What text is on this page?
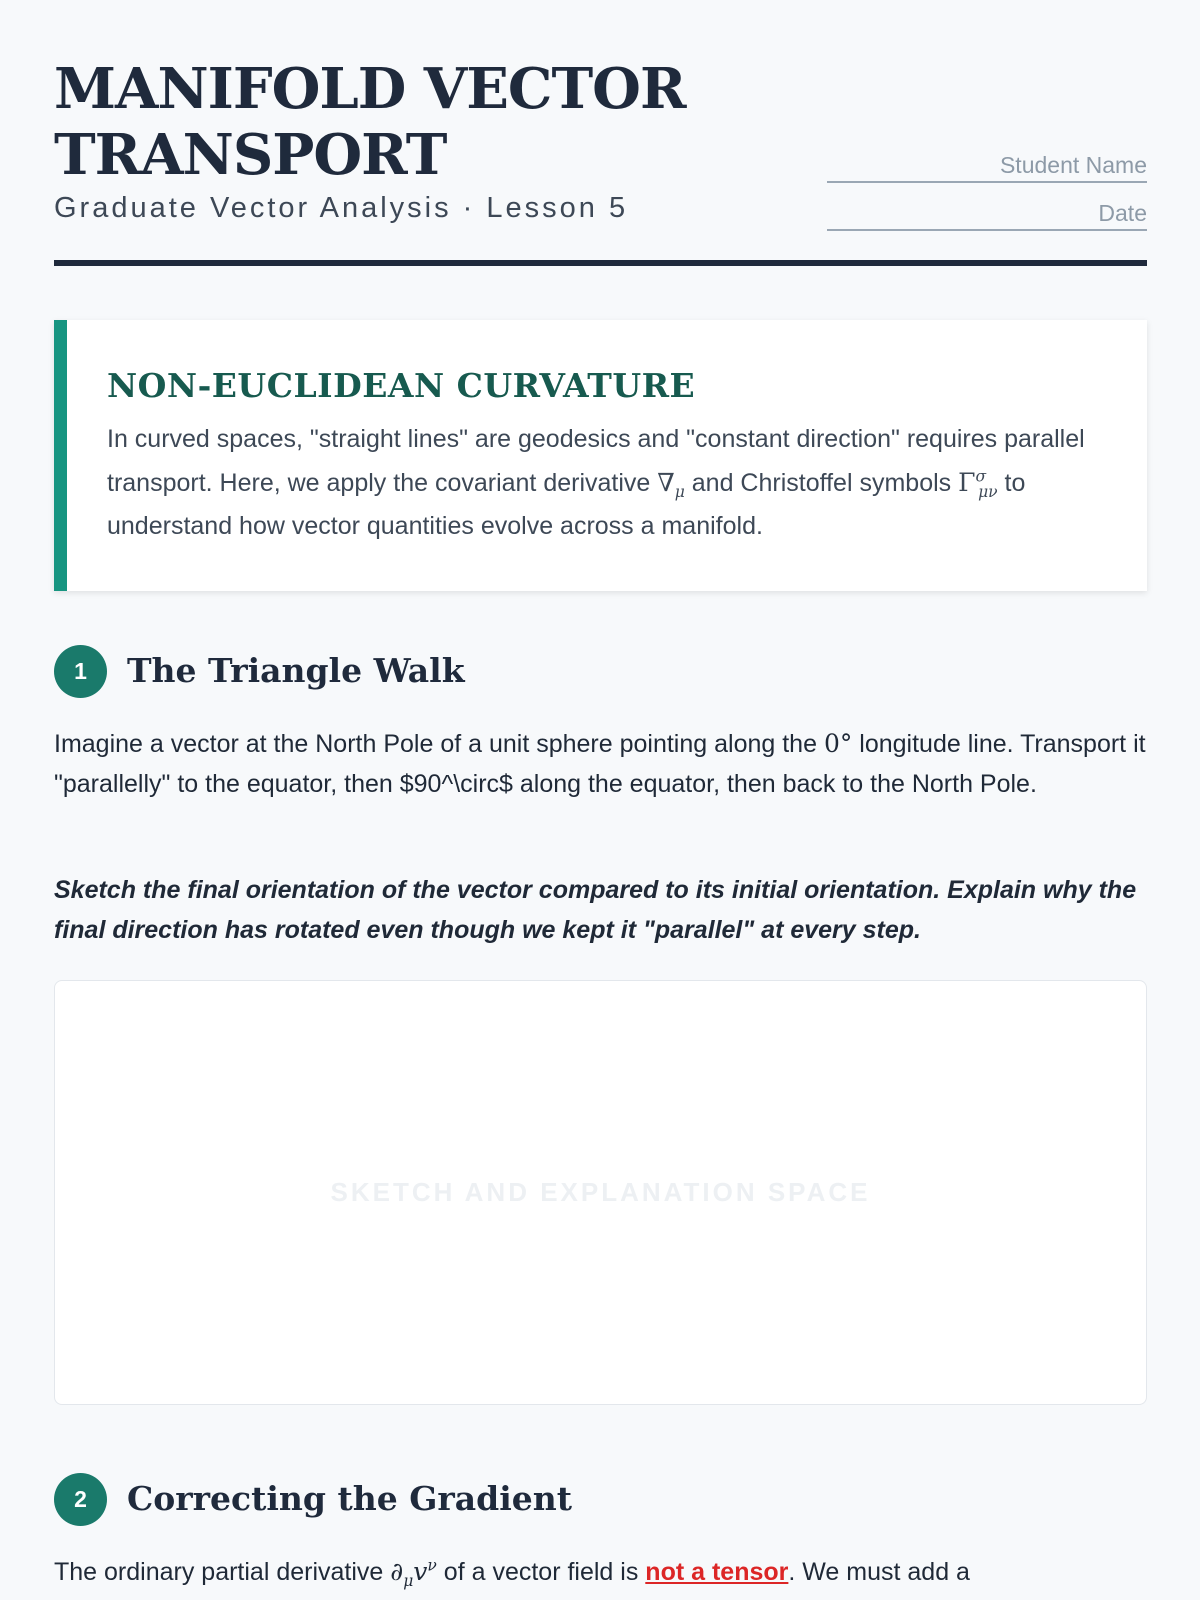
MANIFOLD VECTOR TRANSPORT
Graduate Vector Analysis · Lesson 5
Student Name
Date
NON-EUCLIDEAN CURVATURE
In curved spaces, "straight lines" are geodesics and "constant direction" requires parallel transport. Here, we apply the covariant derivative $\nabla_\mu$ and Christoffel symbols $\Gamma^\sigma_{\mu\nu}$ to understand how vector quantities evolve across a manifold.
1	The Triangle Walk

Imagine a vector at the North Pole of a unit sphere pointing along the 0° longitude line. Transport it "parallelly" to the equator, then $90^\circ$ along the equator, then back to the North Pole.

Sketch the final orientation of the vector compared to its initial orientation. Explain why the final direction has rotated even though we kept it "parallel" at every step.

SKETCH AND EXPLANATION SPACE
2	Correcting the Gradient

The ordinary partial derivative $\partial_\mu v^\nu$ of a vector field is not a tensor. We must add a
